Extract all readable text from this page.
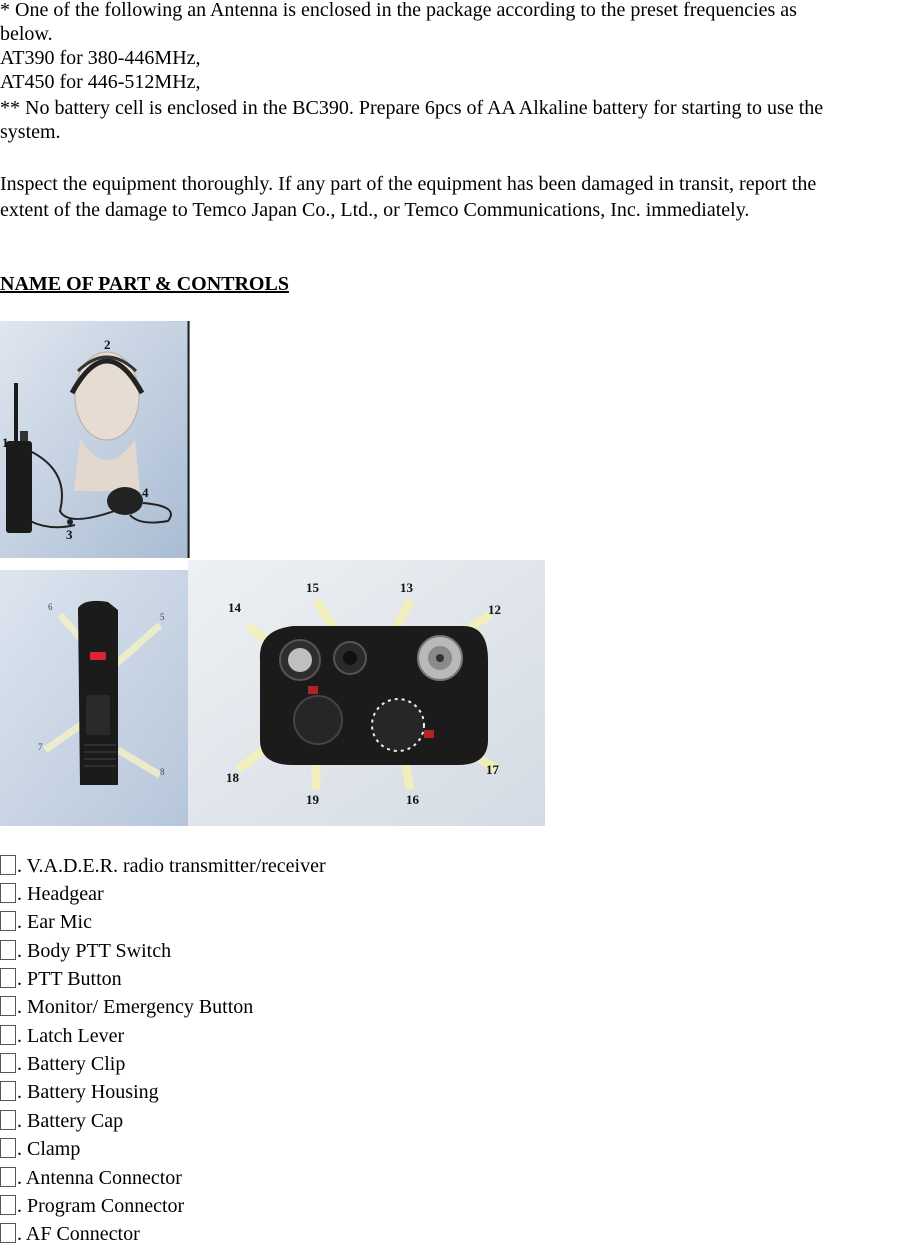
* One of the following an Antenna is enclosed in the package according to the preset frequencies as
below.
AT390 for 380-446MHz,
AT450 for 446-512MHz,
** No battery cell is enclosed in the BC390. Prepare 6pcs of AA Alkaline battery for starting to use the
system.
Inspect the equipment thoroughly. If any part of the equipment has been damaged in transit, report the
extent of the damage to Temco Japan Co., Ltd., or Temco Communications, Inc. immediately.
NAME OF PART & CONTROLS
1
2
3
4
6
5
7
8
14
15	13
12
17
18
19	16
. V.A.D.E.R. radio transmitter/receiver
. Headgear
. Ear Mic
. Body PTT Switch
. PTT Button
. Monitor/ Emergency Button
. Latch Lever
. Battery Clip
. Battery Housing
. Battery Cap
. Clamp
. Antenna Connector
. Program Connector
. AF Connector
